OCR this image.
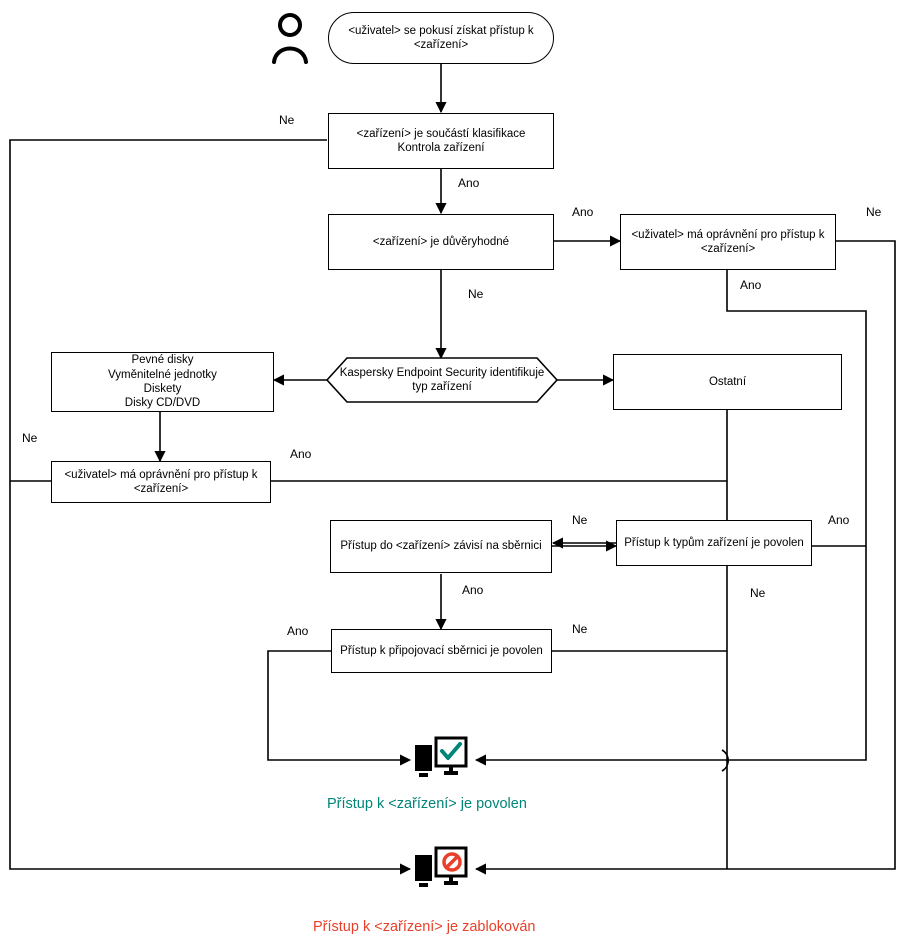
<uživatel> se pokusí získat přístup k <zařízení>
<zařízení> je součástí klasifikace Kontrola zařízení
<zařízení> je důvěryhodné
<uživatel> má oprávnění pro přístup k <zařízení>
Kaspersky Endpoint Security identifikuje typ zařízení
Pevné disky
Vyměnitelné jednotky
Diskety
Disky CD/DVD
Ostatní
<uživatel> má oprávnění pro přístup k <zařízení>
Přístup do <zařízení> závisí na sběrnici	Přístup k typům zařízení je povolen
Přístup k připojovací sběrnici je povolen
Ne
Ano
Ano
Ne
Ne
Ano
Ne
Ano
Ne
Ano
Ano
Ne
Ano	Ne
Přístup k <zařízení> je povolen
Přístup k <zařízení> je zablokován
